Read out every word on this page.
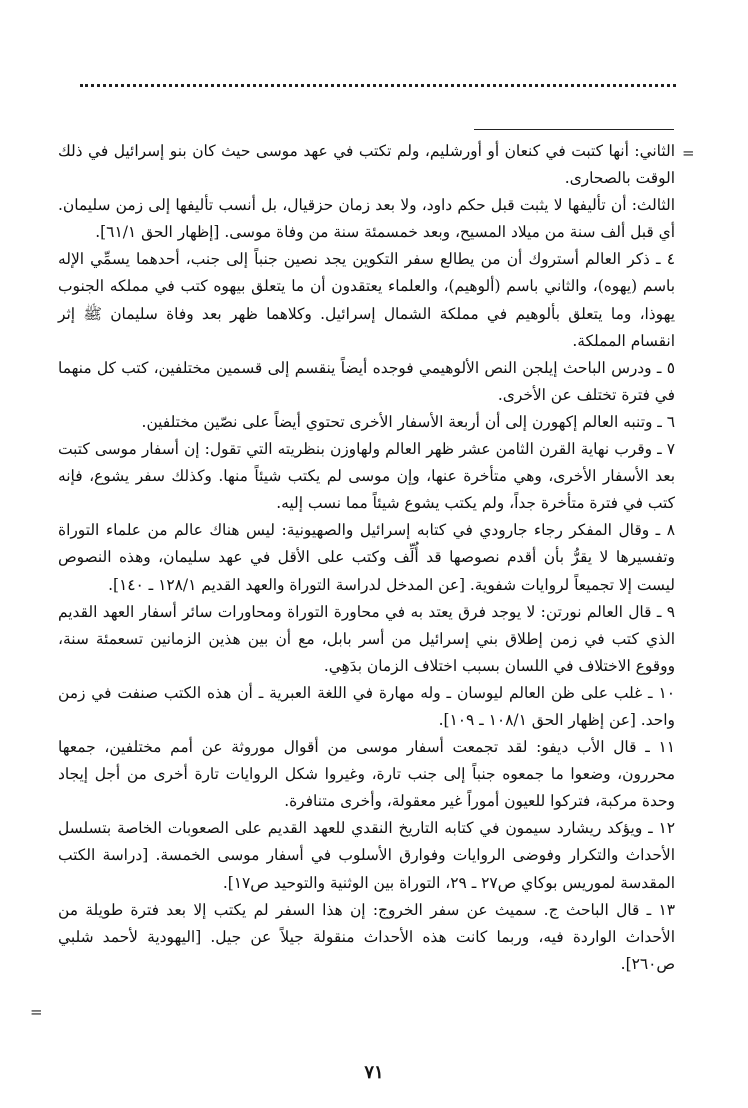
=
=

الثاني: أنها كتبت في كنعان أو أورشليم، ولم تكتب في عهد موسى حيث كان بنو إسرائيل في ذلك الوقت بالصحارى.

الثالث: أن تأليفها لا يثبت قبل حكم داود، ولا بعد زمان حزقيال، بل أنسب تأليفها إلى زمن سليمان. أي قبل ألف سنة من ميلاد المسيح، وبعد خمسمئة سنة من وفاة موسى. [إظهار الحق ٦١/١].

٤ ـ ذكر العالم أستروك أن من يطالع سفر التكوين يجد نصين جنباً إلى جنب، أحدهما يسمِّي الإله باسم (يهوه)، والثاني باسم (ألوهيم)، والعلماء يعتقدون أن ما يتعلق بيهوه كتب في مملكه الجنوب يهوذا، وما يتعلق بألوهيم في مملكة الشمال إسرائيل. وكلاهما ظهر بعد وفاة سليمان ﷺ إثر انقسام المملكة.

٥ ـ ودرس الباحث إيلجن النص الألوهيمي فوجده أيضاً ينقسم إلى قسمين مختلفين، كتب كل منهما في فترة تختلف عن الأخرى.

٦ ـ وتنبه العالم إكهورن إلى أن أربعة الأسفار الأخرى تحتوي أيضاً على نصّين مختلفين.

٧ ـ وقرب نهاية القرن الثامن عشر ظهر العالم ولهاوزن بنظريته التي تقول: إن أسفار موسى كتبت بعد الأسفار الأخرى، وهي متأخرة عنها، وإن موسى لم يكتب شيئاً منها. وكذلك سفر يشوع، فإنه كتب في فترة متأخرة جداً، ولم يكتب يشوع شيئاً مما نسب إليه.

٨ ـ وقال المفكر رجاء جارودي في كتابه إسرائيل والصهيونية: ليس هناك عالم من علماء التوراة وتفسيرها لا يقرُّ بأن أقدم نصوصها قد أُلِّف وكتب على الأقل في عهد سليمان، وهذه النصوص ليست إلا تجميعاً لروايات شفوية. [عن المدخل لدراسة التوراة والعهد القديم ١٢٨/١ ـ ١٤٠].

٩ ـ قال العالم نورتن: لا يوجد فرق يعتد به في محاورة التوراة ومحاورات سائر أسفار العهد القديم الذي كتب في زمن إطلاق بني إسرائيل من أسر بابل، مع أن بين هذين الزمانين تسعمئة سنة، ووقوع الاختلاف في اللسان بسبب اختلاف الزمان بدَهِي.

١٠ ـ غلب على ظن العالم ليوسان ـ وله مهارة في اللغة العبرية ـ أن هذه الكتب صنفت في زمن واحد. [عن إظهار الحق ١٠٨/١ ـ ١٠٩].

١١ ـ قال الأب ديفو: لقد تجمعت أسفار موسى من أقوال موروثة عن أمم مختلفين، جمعها محررون، وضعوا ما جمعوه جنباً إلى جنب تارة، وغيروا شكل الروايات تارة أخرى من أجل إيجاد وحدة مركبة، فتركوا للعيون أموراً غير معقولة، وأخرى متنافرة.

١٢ ـ ويؤكد ريشارد سيمون في كتابه التاريخ النقدي للعهد القديم على الصعوبات الخاصة بتسلسل الأحداث والتكرار وفوضى الروايات وفوارق الأسلوب في أسفار موسى الخمسة. [دراسة الكتب المقدسة لموريس بوكاي ص٢٧ ـ ٢٩، التوراة بين الوثنية والتوحيد ص١٧].

١٣ ـ قال الباحث ج. سميث عن سفر الخروج: إن هذا السفر لم يكتب إلا بعد فترة طويلة من الأحداث الواردة فيه، وربما كانت هذه الأحداث منقولة جيلاً عن جيل. [اليهودية لأحمد شلبي ص٢٦٠].

٧١
